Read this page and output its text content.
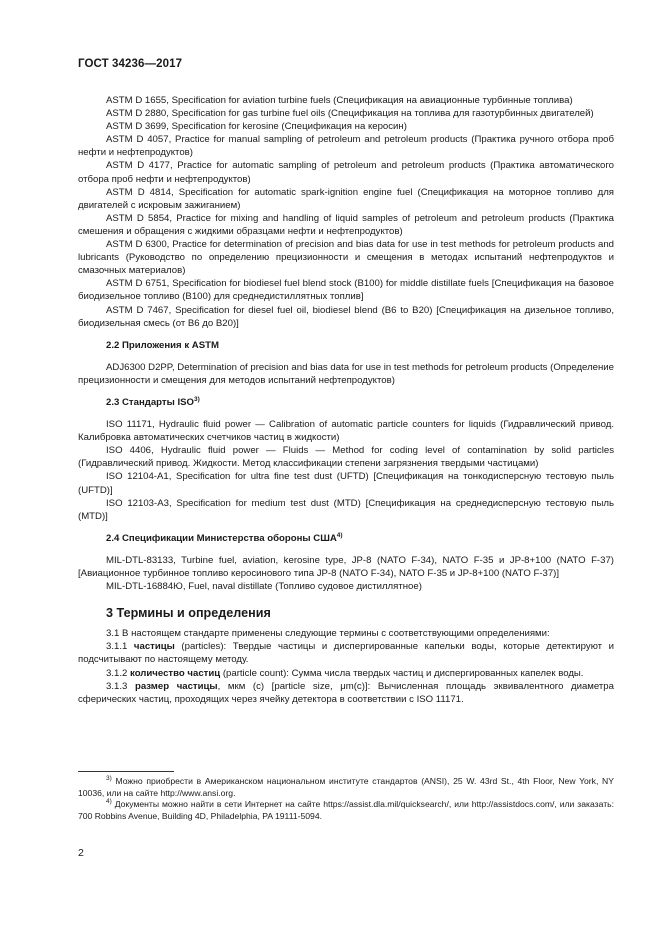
ГОСТ 34236—2017

ASTM D 1655, Specification for aviation turbine fuels (Спецификация на авиационные турбинные топлива)

ASTM D 2880, Specification for gas turbine fuel oils (Спецификация на топлива для газотурбинных двигателей)

ASTM D 3699, Specification for kerosine (Спецификация на керосин)

ASTM D 4057, Practice for manual sampling of petroleum and petroleum products (Практика ручного отбора проб нефти и нефтепродуктов)

ASTM D 4177, Practice for automatic sampling of petroleum and petroleum products (Практика автоматического отбора проб нефти и нефтепродуктов)

ASTM D 4814, Specification for automatic spark-ignition engine fuel (Спецификация на моторное топливо для двигателей с искровым зажиганием)

ASTM D 5854, Practice for mixing and handling of liquid samples of petroleum and petroleum products (Практика смешения и обращения с жидкими образцами нефти и нефтепродуктов)

ASTM D 6300, Practice for determination of precision and bias data for use in test methods for petroleum products and lubricants (Руководство по определению прецизионности и смещения в методах испытаний нефтепродуктов и смазочных материалов)

ASTM D 6751, Specification for biodiesel fuel blend stock (B100) for middle distillate fuels [Спецификация на базовое биодизельное топливо (B100) для среднедистиллятных топлив]

ASTM D 7467, Specification for diesel fuel oil, biodiesel blend (B6 to B20) [Спецификация на дизельное топливо, биодизельная смесь (от B6 до B20)]

2.2 Приложения к ASTM

ADJ6300 D2PP, Determination of precision and bias data for use in test methods for petroleum products (Определение прецизионности и смещения для методов испытаний нефтепродуктов)

2.3 Стандарты ISO$^{3)}$

ISO 11171, Hydraulic fluid power — Calibration of automatic particle counters for liquids (Гидравлический привод. Калибровка автоматических счетчиков частиц в жидкости)

ISO 4406, Hydraulic fluid power — Fluids — Method for coding level of contamination by solid particles (Гидравлический привод. Жидкости. Метод классификации степени загрязнения твердыми частицами)

ISO 12104-A1, Specification for ultra fine test dust (UFTD) [Спецификация на тонкодисперсную тестовую пыль (UFTD)]

ISO 12103-A3, Specification for medium test dust (MTD) [Спецификация на среднедисперсную тестовую пыль (MTD)]

2.4 Спецификации Министерства обороны США$^{4)}$

MIL-DTL-83133, Turbine fuel, aviation, kerosine type, JP-8 (NATO F-34), NATO F-35 и JP-8+100 (NATO F-37) [Авиационное турбинное топливо керосинового типа JP-8 (NATO F-34), NATO F-35 и JP-8+100 (NATO F-37)]

MIL-DTL-16884Ю, Fuel, naval distillate (Топливо судовое дистиллятное)

3 Термины и определения

3.1 В настоящем стандарте применены следующие термины с соответствующими определениями:

3.1.1 частицы (particles): Твердые частицы и диспергированные капельки воды, которые детектируют и подсчитывают по настоящему методу.

3.1.2 количество частиц (particle count): Сумма числа твердых частиц и диспергированных капелек воды.

3.1.3 размер частицы, мкм (c) [particle size, μm(c)]: Вычисленная площадь эквивалентного диаметра сферических частиц, проходящих через ячейку детектора в соответствии с ISO 11171.

$^{3)}$ Можно приобрести в Американском национальном институте стандартов (ANSI), 25 W. 43rd St., 4th Floor, New York, NY 10036, или на сайте http://www.ansi.org.

$^{4)}$ Документы можно найти в сети Интернет на сайте https://assist.dla.mil/quicksearch/, или http://assistdocs.com/, или заказать: 700 Robbins Avenue, Building 4D, Philadelphia, PA 19111-5094.

2
